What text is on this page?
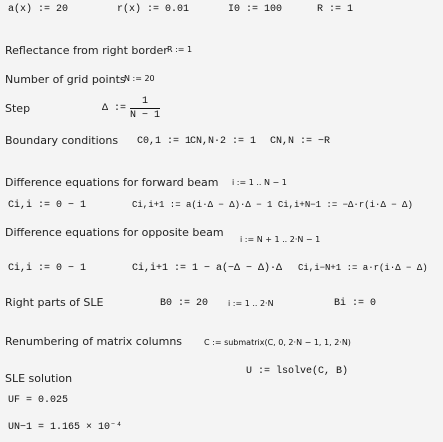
a(x) := 20	r(x) := 0.01	I0 := 100	R := 1
Reflectance from right border R := 1
Number of grid points
N := 20
Step	Δ :=
1
N − 1
Boundary conditions C0,1 := 1
CN,N·2 := 1 CN,N := −R
Difference equations for forward beam i := 1 .. N − 1
Ci,i := 0 − 1	Ci,i+1 := a(i·Δ − Δ)·Δ − 1 Ci,i+N−1 := −Δ·r(i·Δ − Δ)
Difference equations for opposite beam
i := N + 1 .. 2·N − 1
Ci,i := 0 − 1	Ci,i+1 := 1 − a(−Δ − Δ)·Δ Ci,i−N+1 := a·r(i·Δ − Δ)
Right parts of SLE	B0 := 20 i := 1 .. 2·N	Bi := 0
Renumbering of matrix columns	C := submatrix(C, 0, 2·N − 1, 1, 2·N)
U := lsolve(C, B)
SLE solution
UF = 0.025
UN−1 = 1.165 × 10⁻⁴
